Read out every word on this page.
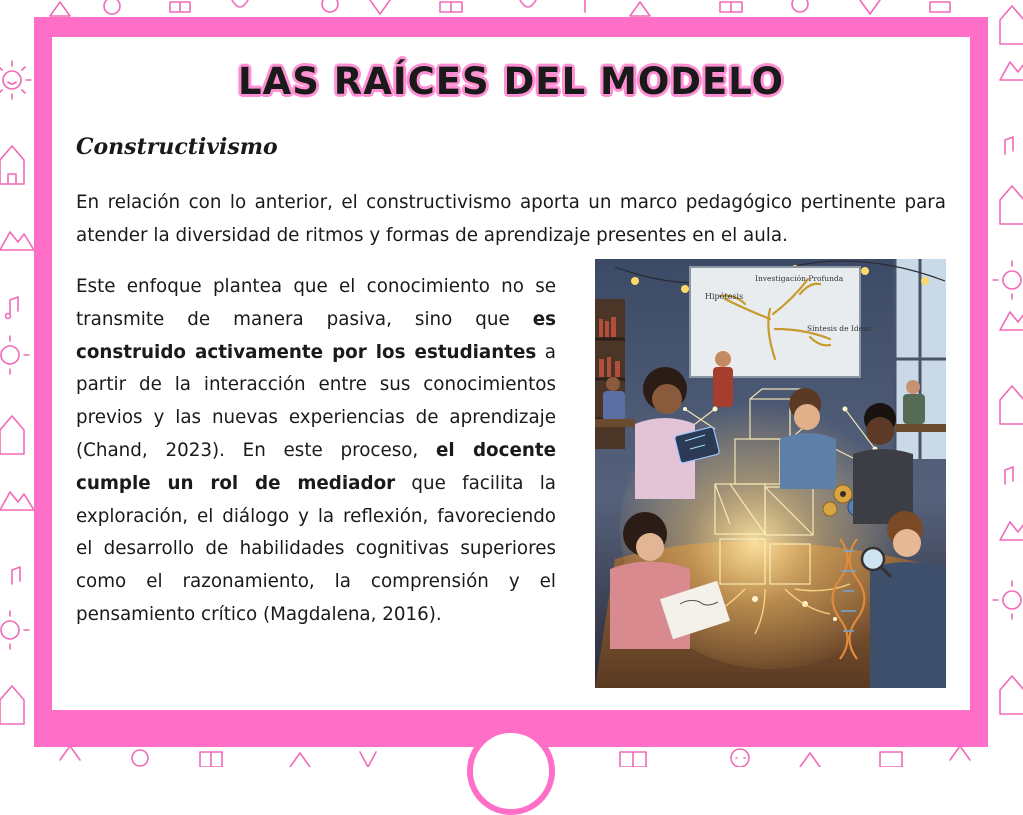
LAS RAÍCES DEL MODELO
Constructivismo

En relación con lo anterior, el constructivismo aporta un marco pedagógico pertinente para atender la diversidad de ritmos y formas de aprendizaje presentes en el aula.

Este enfoque plantea que el conocimiento no se transmite de manera pasiva, sino que es construido activamente por los estudiantes a partir de la interacción entre sus conocimientos previos y las nuevas experiencias de aprendizaje (Chand, 2023). En este proceso, el docente cumple un rol de mediador que facilita la exploración, el diálogo y la reflexión, favoreciendo el desarrollo de habilidades cognitivas superiores como el razonamiento, la comprensión y el pensamiento crítico (Magdalena, 2016).

Hipótesis
Investigación Profunda
Síntesis de Ideas
